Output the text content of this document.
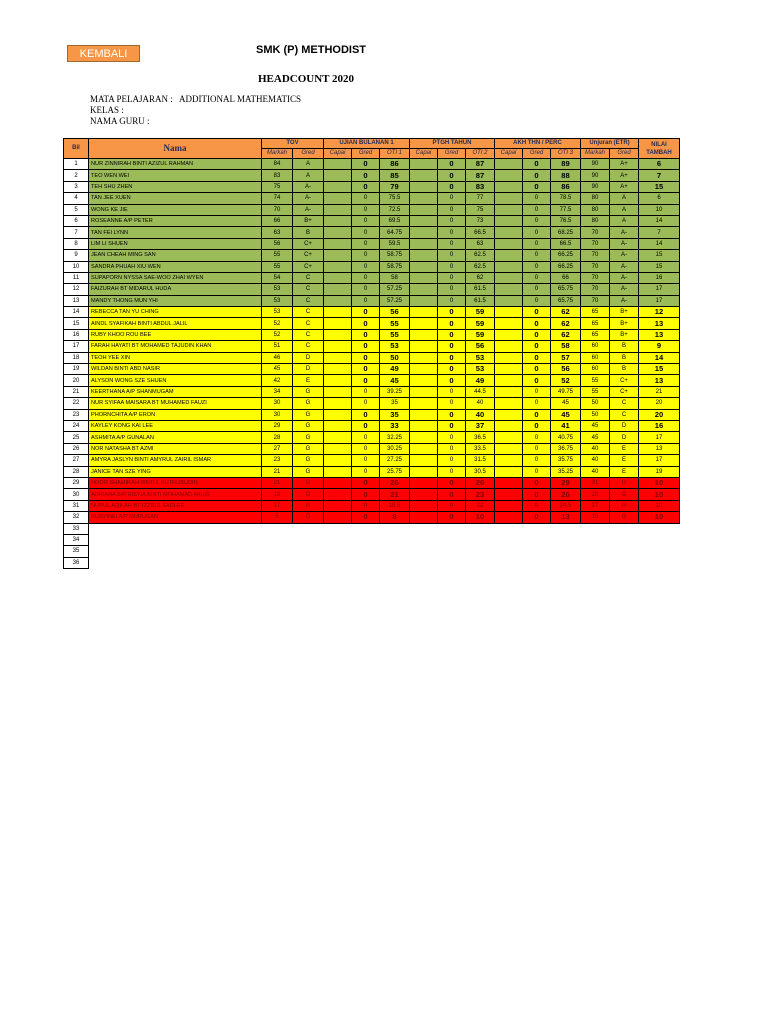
KEMBALI	SMK (P) METHODIST
HEADCOUNT 2020
MATA PELAJARAN : ADDITIONAL MATHEMATICS
KELAS :
NAMA GURU :
Bil	Nama	TOV		UJIAN BULANAN 1			PTGH TAHUN			AKH THN / PERC			Unjuran (ETR)		NILAI TAMBAH
		Markah	Gred	Capai	Gred	OTI 1	Capai	Gred	OTI 2	Capai	Gred	OTI 3	Markah	Gred	
1	NUR ZINNIRAH BINTI AZIZUL RAHMAN	84	A		0	86		0	87		0	89	90	A+	6
2	TEO WEN WEI	83	A		0	85		0	87		0	88	90	A+	7
3	TEH SHU ZHEN	75	A-		0	79		0	83		0	86	90	A+	15
4	TAN JEE XUEN	74	A-		0	75.5		0	77		0	78.5	80	A	6
5	WONG KE JIE	70	A-		0	72.5		0	75		0	77.5	80	A	10
6	ROSEANNE A/P PETER	66	B+		0	69.5		0	73		0	76.5	80	A	14
7	TAN FEI LYNN	63	B		0	64.75		0	66.5		0	68.25	70	A-	7
8	LIM LI SHUEN	56	C+		0	59.5		0	63		0	66.5	70	A-	14
9	JEAN CHEAH MING SAN	55	C+		0	58.75		0	62.5		0	66.25	70	A-	15
10	SANDRA PHUAH XIU WEN	55	C+		0	58.75		0	62.5		0	66.25	70	A-	15
11	SUPAPORN NYSSA SAE-WOO ZHAI WYEN	54	C		0	58		0	62		0	66	70	A-	16
12	FAIZURAH BT MIDARUL HUDA	53	C		0	57.25		0	61.5		0	65.75	70	A-	17
13	MANDY THONG MUN YHI	53	C		0	57.25		0	61.5		0	65.75	70	A-	17
14	REBECCA TAN YU CHING	53	C		0	56		0	59		0	62	65	B+	12
15	AINDL SYAFIKAH BINTI ABDUL JALIL	52	C		0	55		0	59		0	62	65	B+	13
16	RUBY KHOO ROU BEE	52	C		0	55		0	59		0	62	65	B+	13
17	FARAH HAYATI BT MOHAMED TAJUDIN KHAN	51	C		0	53		0	56		0	58	60	B	9
18	TEOH YEE XIN	46	D		0	50		0	53		0	57	60	B	14
19	WILDAN BINTI ABD NASIR	45	D		0	49		0	53		0	56	60	B	15
20	ALYSON WONG SZE SHUEN	42	E		0	45		0	49		0	52	55	C+	13
21	KEERTHANA A/P SHANMUGAM	34	G		0	39.25		0	44.5		0	49.75	55	C+	21
22	NUR SYIFAA MAISARA BT MUHAMED FAUZI	30	G		0	35		0	40		0	45	50	C	20
23	PHORNCHITA A/P ERON	30	G		0	35		0	40		0	45	50	C	20
24	KAYLEY KONG KAI LEE	29	G		0	33		0	37		0	41	45	D	16
25	ASHMITA A/P GUNALAN	28	G		0	32.25		0	36.5		0	40.75	45	D	17
26	NOR NATASHA BT AZMI	27	G		0	30.25		0	33.5		0	36.75	40	E	13
27	AMYRA JASLYN BINTI AMYRUL ZAIRIL ISMAR	23	G		0	27.25		0	31.5		0	35.75	40	E	17
28	JANICE TAN SZE YING	21	G		0	25.75		0	30.5		0	35.25	40	E	19
29	NOOR SHAMIRAH BINTI I. KUTHUBUDIN	21	G		0	26		0	26		0	29	31	G	10
30	ADRIANA BATRISYIA BINTI MOHAMAD FAUZI	18	G		0	21		0	23		0	26	28	G	10
31	NURUL AQILAH BT IZZRUL FADLEE	17	G		0	19.5		0	22		0	24.5	27	G	10
32	RUBYINEI A/P MURUGAN	5	G		0	8		0	10		0	13	15	G	10
33															
34															
35															
36															
